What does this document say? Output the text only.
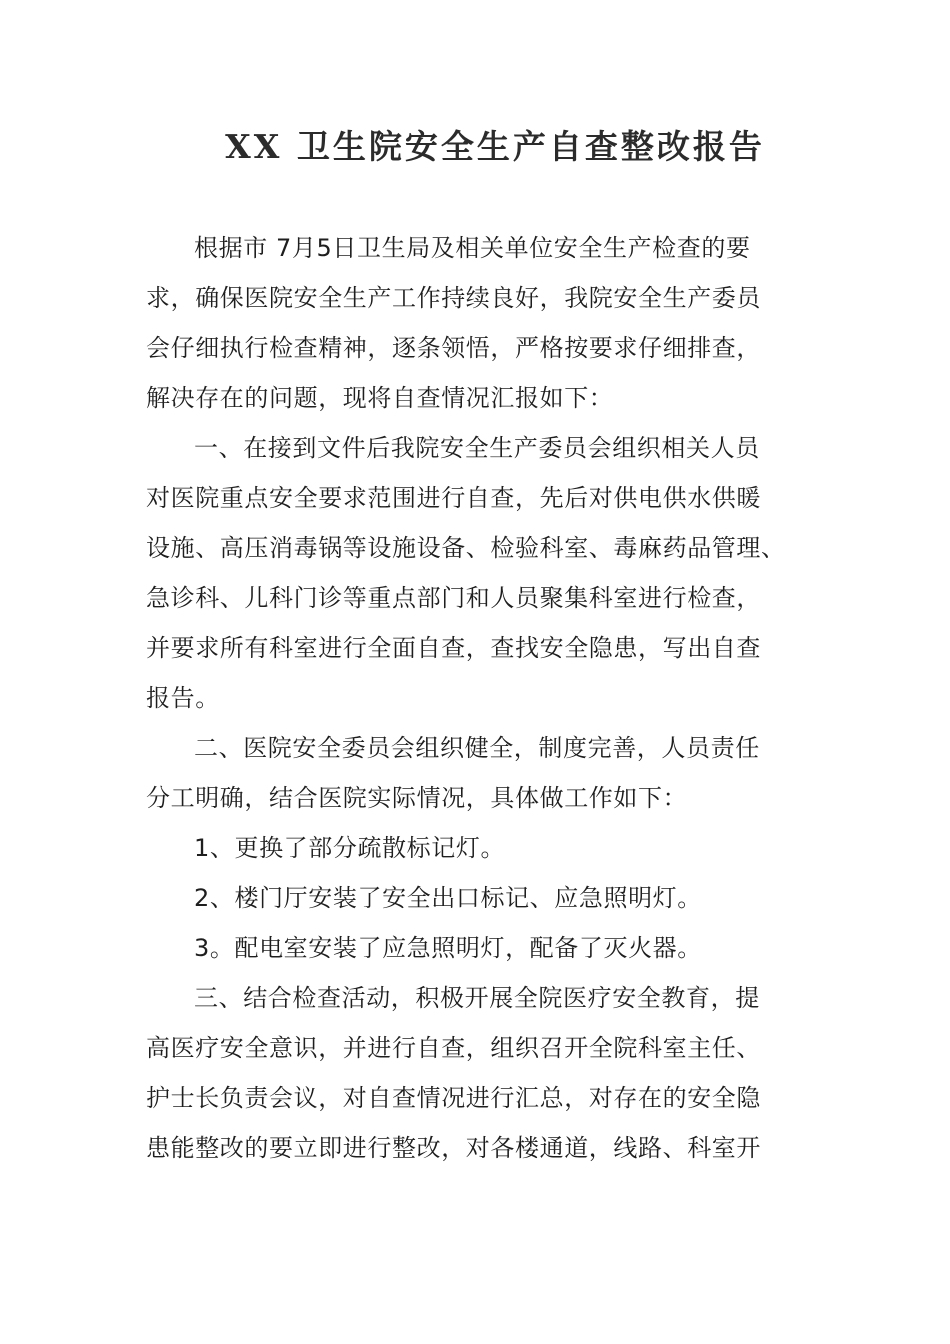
XX 卫生院安全生产自查整改报告
根据市 7月5日卫生局及相关单位安全生产检查的要
求，确保医院安全生产工作持续良好，我院安全生产委员
会仔细执行检查精神，逐条领悟，严格按要求仔细排查，
解决存在的问题，现将自查情况汇报如下：
一、在接到文件后我院安全生产委员会组织相关人员
对医院重点安全要求范围进行自查，先后对供电供水供暖
设施、高压消毒锅等设施设备、检验科室、毒麻药品管理、
急诊科、儿科门诊等重点部门和人员聚集科室进行检查，
并要求所有科室进行全面自查，查找安全隐患，写出自查
报告。
二、医院安全委员会组织健全，制度完善，人员责任
分工明确，结合医院实际情况，具体做工作如下：
1、更换了部分疏散标记灯。
2、楼门厅安装了安全出口标记、应急照明灯。
3。配电室安装了应急照明灯，配备了灭火器。
三、结合检查活动，积极开展全院医疗安全教育，提
高医疗安全意识，并进行自查，组织召开全院科室主任、
护士长负责会议，对自查情况进行汇总，对存在的安全隐
患能整改的要立即进行整改，对各楼通道，线路、科室开
